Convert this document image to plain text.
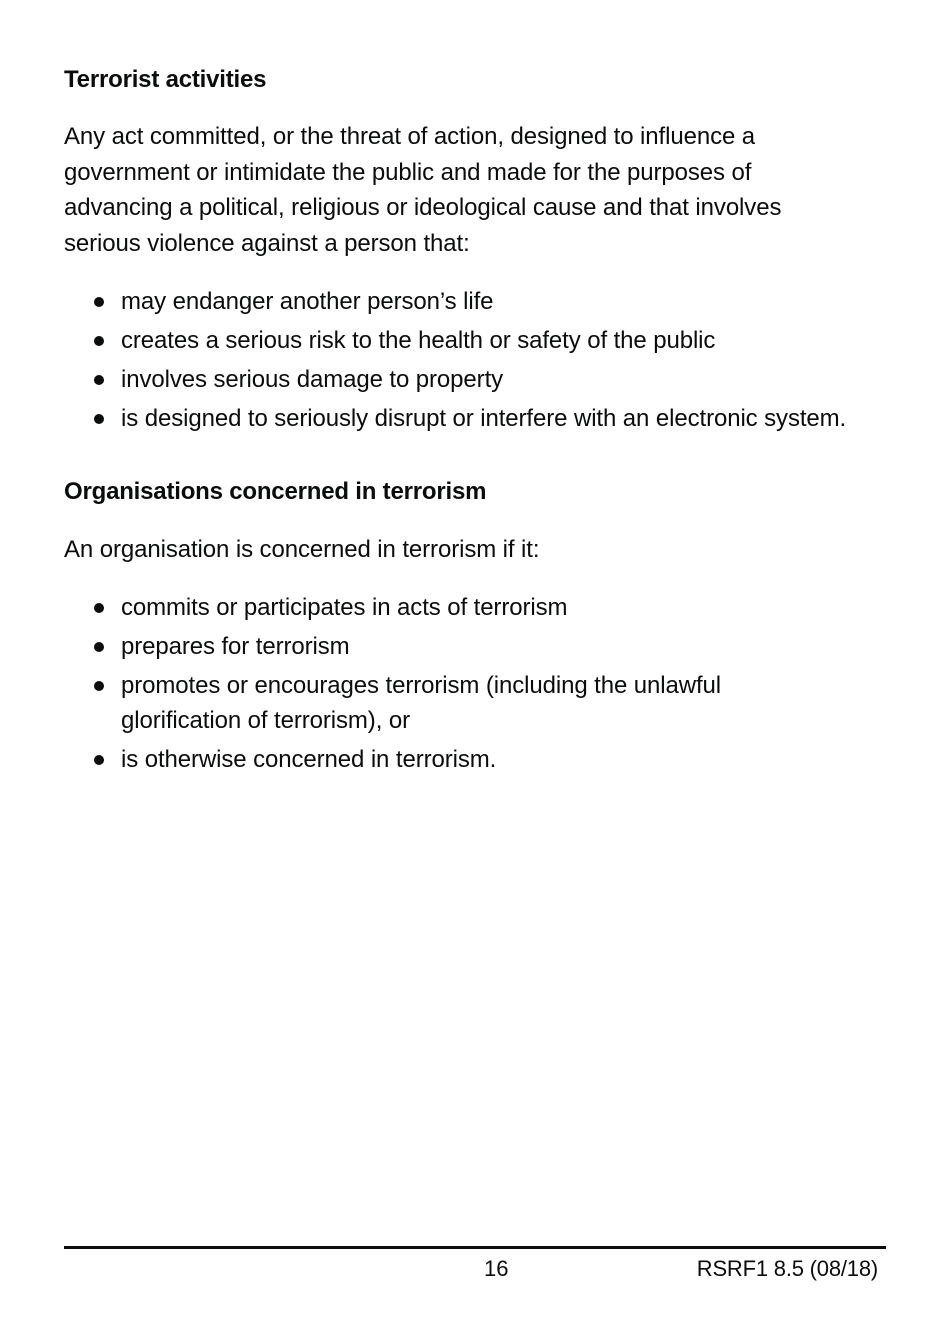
Terrorist activities

Any act committed, or the threat of action, designed to influence a government or intimidate the public and made for the purposes of advancing a political, religious or ideological cause and that involves serious violence against a person that:

may endanger another person’s life
creates a serious risk to the health or safety of the public
involves serious damage to property
is designed to seriously disrupt or interfere with an electronic system.
Organisations concerned in terrorism

An organisation is concerned in terrorism if it:

commits or participates in acts of terrorism
prepares for terrorism
promotes or encourages terrorism (including the unlawful glorification of terrorism), or
is otherwise concerned in terrorism.
16	RSRF1 8.5 (08/18)
